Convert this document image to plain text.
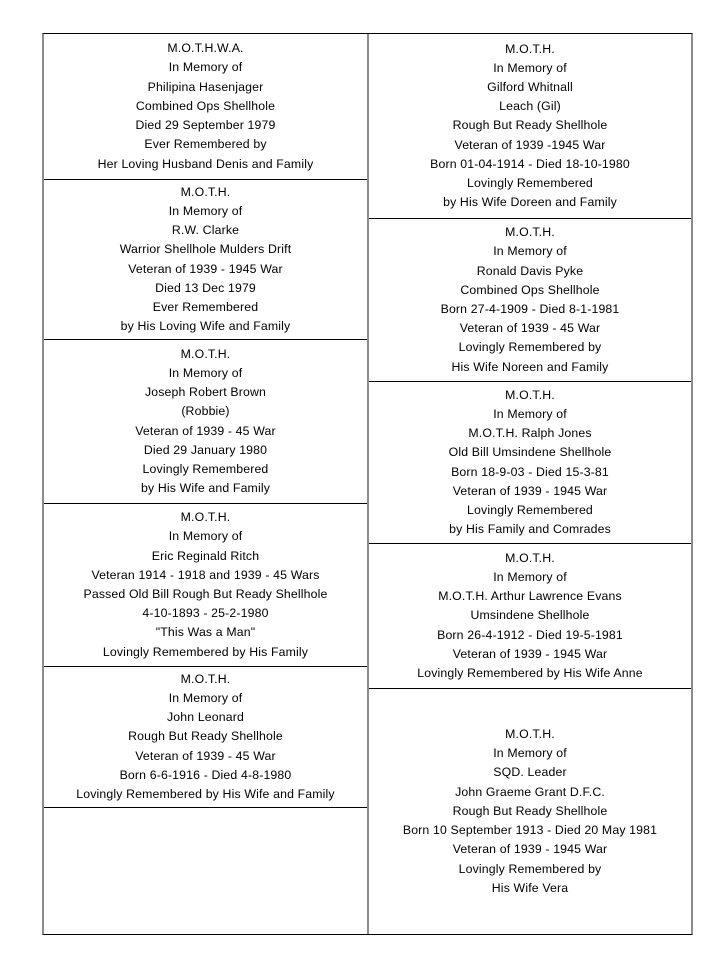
M.O.T.H.W.A.
In Memory of
Philipina Hasenjager
Combined Ops Shellhole
Died 29 September 1979
Ever Remembered by
Her Loving Husband Denis and Family
M.O.T.H.
In Memory of
R.W. Clarke
Warrior Shellhole Mulders Drift
Veteran of 1939 - 1945 War
Died 13 Dec 1979
Ever Remembered
by His Loving Wife and Family
M.O.T.H.
In Memory of
Joseph Robert Brown
(Robbie)
Veteran of 1939 - 45 War
Died 29 January 1980
Lovingly Remembered
by His Wife and Family
M.O.T.H.
In Memory of
Eric Reginald Ritch
Veteran 1914 - 1918 and 1939 - 45 Wars
Passed Old Bill Rough But Ready Shellhole
4-10-1893 - 25-2-1980
"This Was a Man"
Lovingly Remembered by His Family
M.O.T.H.
In Memory of
John Leonard
Rough But Ready Shellhole
Veteran of 1939 - 45 War
Born 6-6-1916 - Died 4-8-1980
Lovingly Remembered by His Wife and Family
M.O.T.H.
In Memory of
Gilford Whitnall
Leach (Gil)
Rough But Ready Shellhole
Veteran of 1939 -1945 War
Born 01-04-1914 - Died 18-10-1980
Lovingly Remembered
by His Wife Doreen and Family
M.O.T.H.
In Memory of
Ronald Davis Pyke
Combined Ops Shellhole
Born 27-4-1909 - Died 8-1-1981
Veteran of 1939 - 45 War
Lovingly Remembered by
His Wife Noreen and Family
M.O.T.H.
In Memory of
M.O.T.H. Ralph Jones
Old Bill Umsindene Shellhole
Born 18-9-03 - Died 15-3-81
Veteran of 1939 - 1945 War
Lovingly Remembered
by His Family and Comrades
M.O.T.H.
In Memory of
M.O.T.H. Arthur Lawrence Evans
Umsindene Shellhole
Born 26-4-1912 - Died 19-5-1981
Veteran of 1939 - 1945 War
Lovingly Remembered by His Wife Anne
M.O.T.H.
In Memory of
SQD. Leader
John Graeme Grant D.F.C.
Rough But Ready Shellhole
Born 10 September 1913 - Died 20 May 1981
Veteran of 1939 - 1945 War
Lovingly Remembered by
His Wife Vera
